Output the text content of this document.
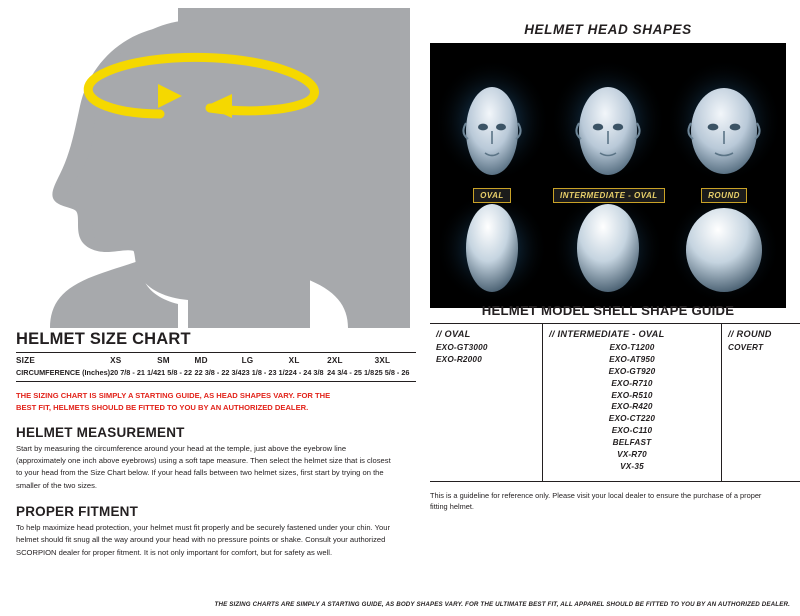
HELMET SIZE CHART
SIZE	XS	SM	MD	LG	XL	2XL	3XL
CIRCUMFERENCE (Inches)	20 7/8 - 21 1/4	21 5/8 - 22	22 3/8 - 22 3/4	23 1/8 - 23 1/2	24 - 24 3/8	24 3/4 - 25 1/8	25 5/8 - 26
THE SIZING CHART IS SIMPLY A STARTING GUIDE, AS HEAD SHAPES VARY. FOR THE BEST FIT, HELMETS SHOULD BE FITTED TO YOU BY AN AUTHORIZED DEALER.
HELMET MEASUREMENT
Start by measuring the circumference around your head at the temple, just above the eyebrow line (approximately one inch above eyebrows) using a soft tape measure. Then select the helmet size that is closest to your head from the Size Chart below. If your head falls between two helmet sizes, first start by trying on the smaller of the two sizes.
PROPER FITMENT
To help maximize head protection, your helmet must fit properly and be securely fastened under your chin. Your helmet should fit snug all the way around your head with no pressure points or shake. Consult your authorized SCORPION dealer for proper fitment. It is not only important for comfort, but for safety as well.
HELMET HEAD SHAPES
OVAL	INTERMEDIATE - OVAL	ROUND
HELMET MODEL SHELL SHAPE GUIDE
// OVAL
EXO-GT3000
EXO-R2000

// INTERMEDIATE - OVAL
EXO-T1200
EXO-AT950
EXO-GT920
EXO-R710
EXO-R510
EXO-R420
EXO-CT220
EXO-C110
BELFAST
VX-R70
VX-35

// ROUND
COVERT
This is a guideline for reference only. Please visit your local dealer to ensure the purchase of a proper fitting helmet.
THE SIZING CHARTS ARE SIMPLY A STARTING GUIDE, AS BODY SHAPES VARY. FOR THE ULTIMATE BEST FIT, ALL APPAREL SHOULD BE FITTED TO YOU BY AN AUTHORIZED DEALER.
